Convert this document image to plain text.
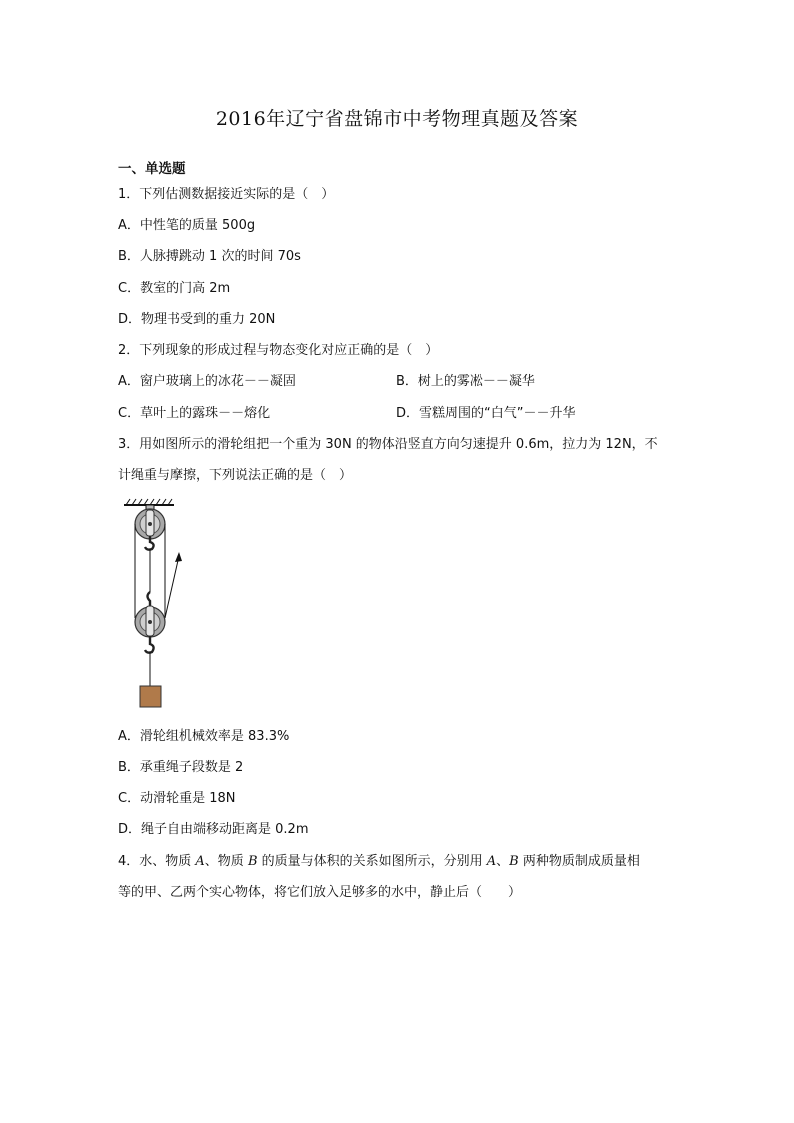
2016年辽宁省盘锦市中考物理真题及答案
一、单选题
1．下列估测数据接近实际的是（　）
A．中性笔的质量 500g
B．人脉搏跳动 1 次的时间 70s
C．教室的门高 2m
D．物理书受到的重力 20N
2．下列现象的形成过程与物态变化对应正确的是（　）
A．窗户玻璃上的冰花－－凝固	B．树上的雾凇－－凝华
C．草叶上的露珠－－熔化	D．雪糕周围的“白气”－－升华
3．用如图所示的滑轮组把一个重为 30N 的物体沿竖直方向匀速提升 0.6m，拉力为 12N，不
计绳重与摩擦，下列说法正确的是（　）
A．滑轮组机械效率是 83.3%
B．承重绳子段数是 2
C．动滑轮重是 18N
D．绳子自由端移动距离是 0.2m
4．水、物质 A、物质 B 的质量与体积的关系如图所示，分别用 A、B 两种物质制成质量相
等的甲、乙两个实心物体，将它们放入足够多的水中，静止后（　　）
